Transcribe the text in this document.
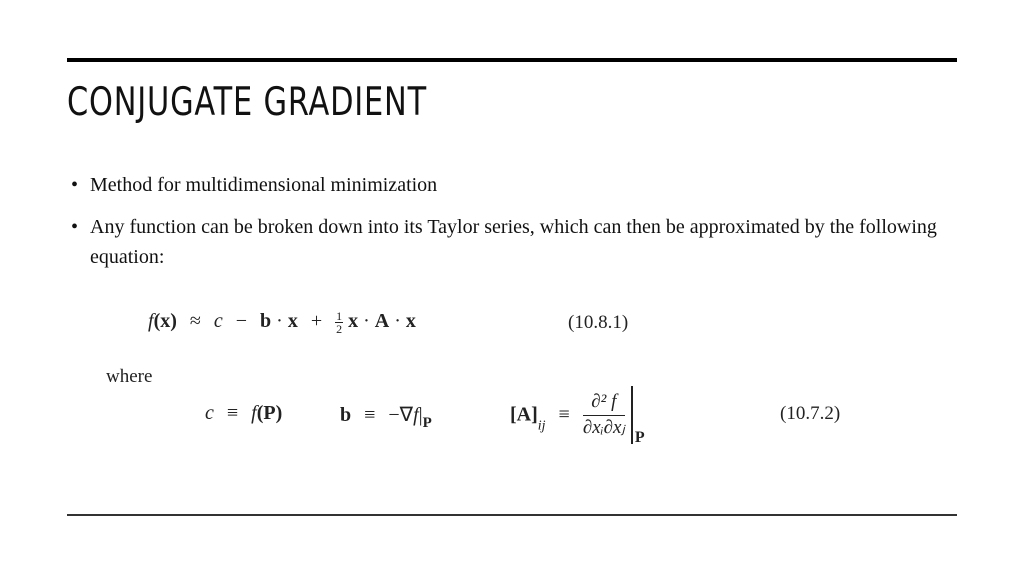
CONJUGATE GRADIENT
• Method for multidimensional minimization
• Any function can be broken down into its Taylor series, which can then be approximated by the following equation:
$f(x) \approx c - b \cdot x + \frac{1}{2}$ x · A · x	(10.8.1)
where
c ≡ f(P)	$b \equiv -\nabla f|_P$	$[A]_{ij} \equiv \frac{\text{∂² f}}{\text{∂xᵢ∂xⱼ}} _P$
(10.7.2)
